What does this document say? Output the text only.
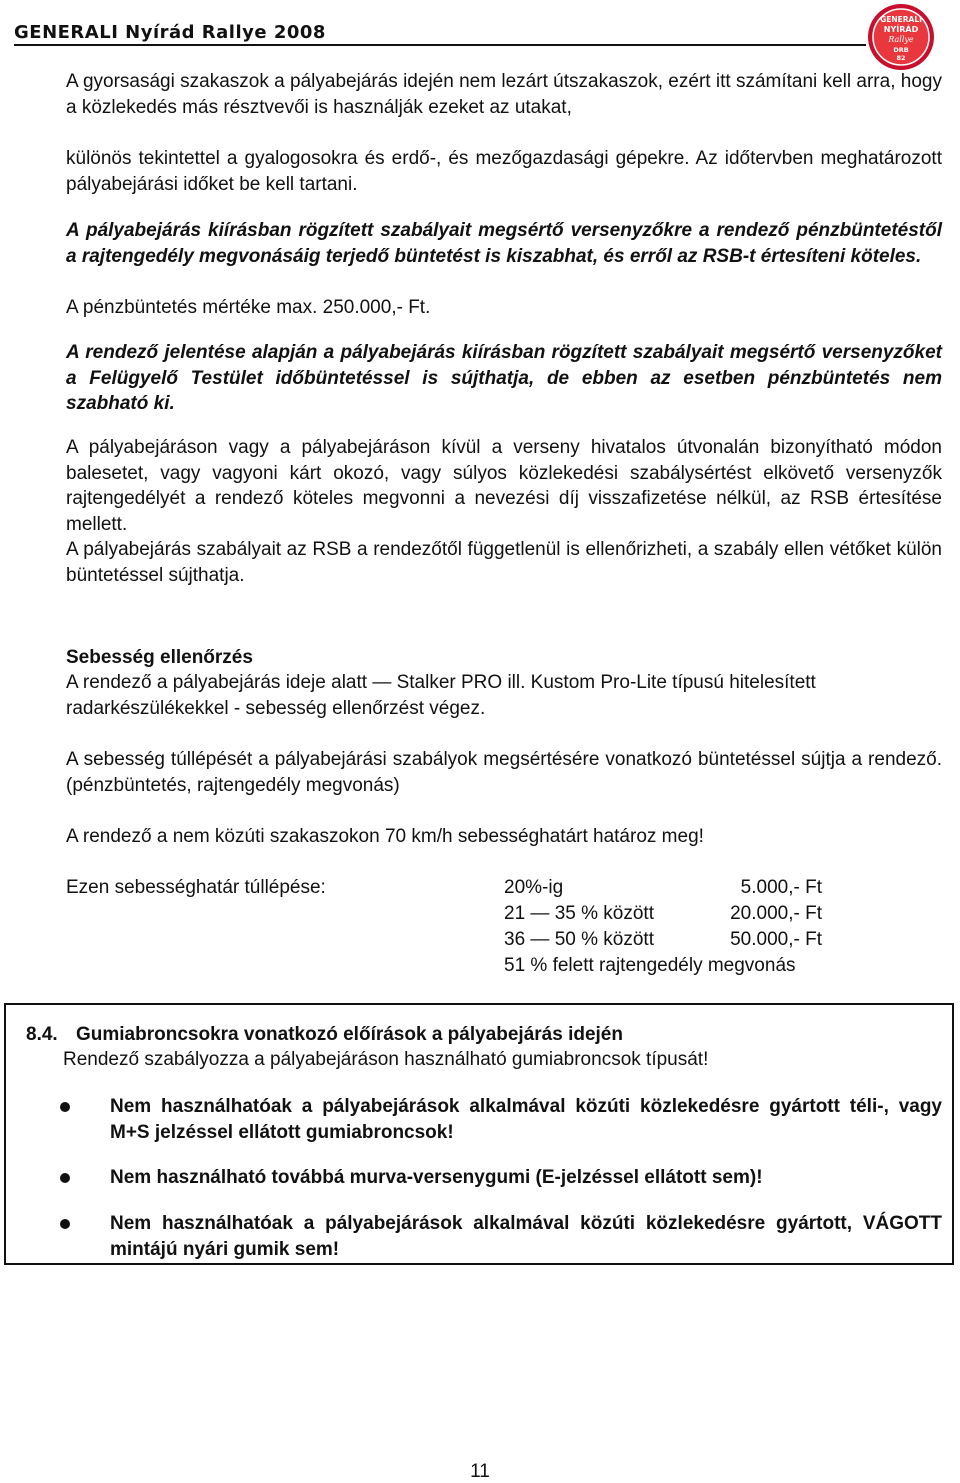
GENERALI Nyírád Rallye 2008
GENERALI
NYÍRÁD
Rallye
DRB
82

A gyorsasági szakaszok a pályabejárás idején nem lezárt útszakaszok, ezért itt számítani kell arra, hogy a közlekedés más résztvevői is használják ezeket az utakat,

különös tekintettel a gyalogosokra és erdő-, és mezőgazdasági gépekre. Az időtervben meghatározott pályabejárási időket be kell tartani.

A pályabejárás kiírásban rögzített szabályait megsértő versenyzőkre a rendező pénzbüntetéstől a rajtengedély megvonásáig terjedő büntetést is kiszabhat, és erről az RSB-t értesíteni köteles.

A pénzbüntetés mértéke max. 250.000,- Ft.

A rendező jelentése alapján a pályabejárás kiírásban rögzített szabályait megsértő versenyzőket a Felügyelő Testület időbüntetéssel is sújthatja, de ebben az esetben pénzbüntetés nem szabható ki.

A pályabejáráson vagy a pályabejáráson kívül a verseny hivatalos útvonalán bizonyítható módon balesetet, vagy vagyoni kárt okozó, vagy súlyos közlekedési szabálysértést elkövető versenyzők rajtengedélyét a rendező köteles megvonni a nevezési díj visszafizetése nélkül, az RSB értesítése mellett.

A pályabejárás szabályait az RSB a rendezőtől függetlenül is ellenőrizheti, a szabály ellen vétőket külön büntetéssel sújthatja.

Sebesség ellenőrzés

A rendező a pályabejárás ideje alatt — Stalker PRO ill. Kustom Pro-Lite típusú hitelesített radarkészülékekkel - sebesség ellenőrzést végez.

A sebesség túllépését a pályabejárási szabályok megsértésére vonatkozó büntetéssel sújtja a rendező. (pénzbüntetés, rajtengedély megvonás)

A rendező a nem közúti szakaszokon 70 km/h sebességhatárt határoz meg!

Ezen sebességhatár túllépése:	20%-ig	5.000,- Ft
21 — 35 % között	20.000,- Ft
36 — 50 % között	50.000,- Ft
51 % felett rajtengedély megvonás
8.4. Gumiabroncsokra vonatkozó előírások a pályabejárás idején
Rendező szabályozza a pályabejáráson használható gumiabroncsok típusát!
Nem használhatóak a pályabejárások alkalmával közúti közlekedésre gyártott téli-, vagy M+S jelzéssel ellátott gumiabroncsok!
Nem használható továbbá murva-versenygumi (E-jelzéssel ellátott sem)!
Nem használhatóak a pályabejárások alkalmával közúti közlekedésre gyártott, VÁGOTT mintájú nyári gumik sem!
11
